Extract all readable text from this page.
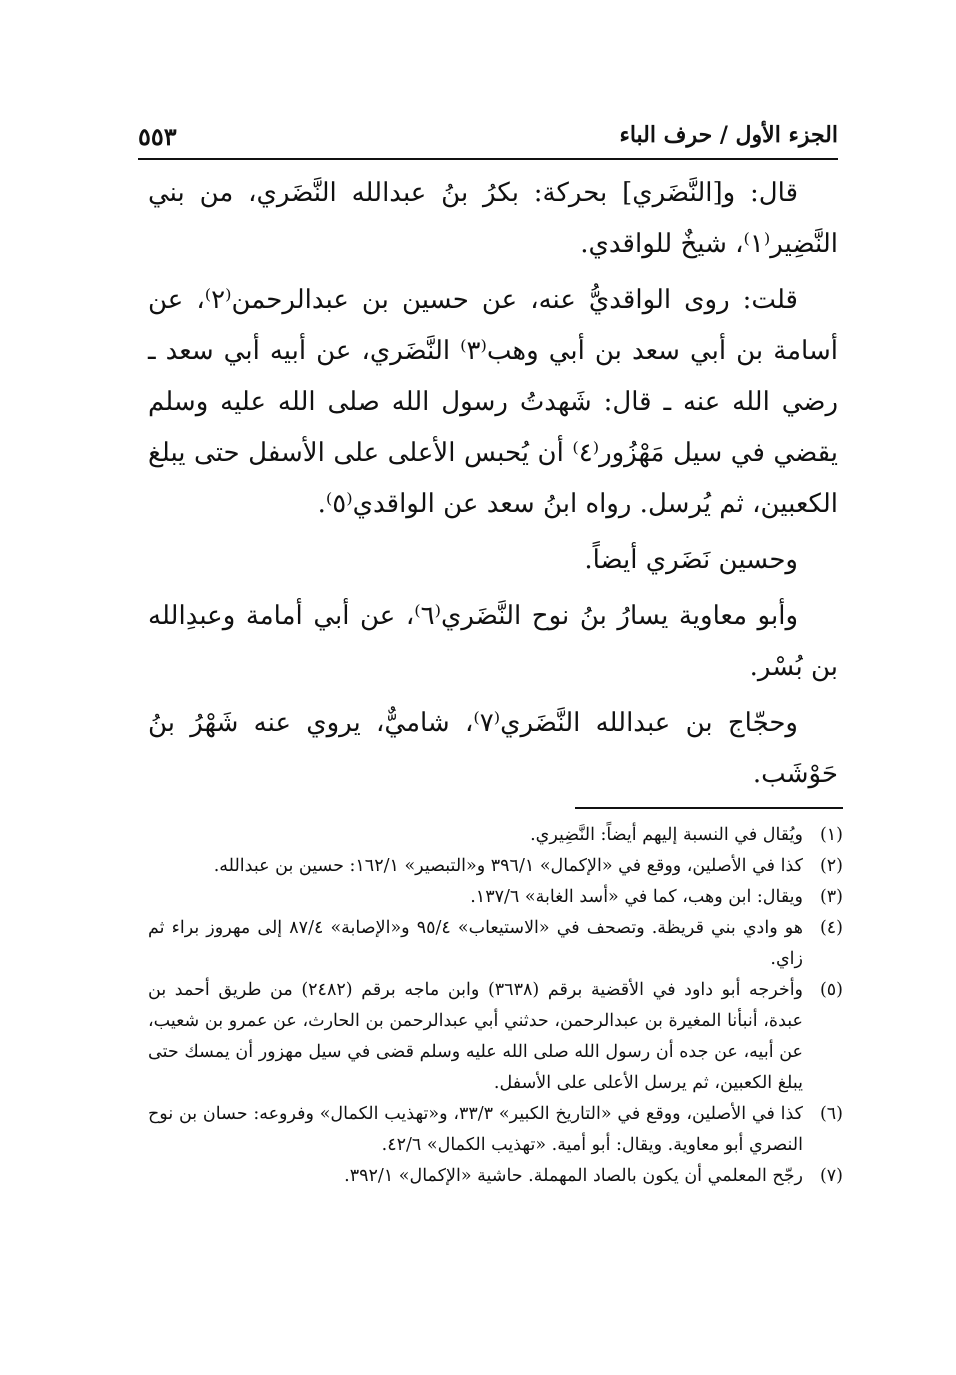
الجزء الأول / حرف الباء
٥٥٣

قال: و[النَّضَري] بحركة: بكرُ بنُ عبدالله النَّضَري، من بني النَّضِير⁽١⁾، شيخٌ للواقدي.

قلت: روى الواقديُّ عنه، عن حسين بن عبدالرحمن⁽٢⁾، عن أسامة بن أبي سعد بن أبي وهب⁽٣⁾ النَّضَري، عن أبيه أبي سعد ـ رضي الله عنه ـ قال: شَهدتُ رسول الله صلى الله عليه وسلم يقضي في سيل مَهْزُور⁽٤⁾ أن يُحبس الأعلى على الأسفل حتى يبلغ الكعبين، ثم يُرسل. رواه ابنُ سعد عن الواقدي⁽٥⁾.

وحسين نَضَري أيضاً.

وأبو معاوية يسارُ بنُ نوح النَّضَري⁽٦⁾، عن أبي أمامة وعبدِالله بن بُسْر.

وحجّاج بن عبدالله النَّضَري⁽٧⁾، شاميٌّ، يروي عنه شَهْرُ بنُ حَوْشَب.

(١)
ويُقال في النسبة إليهم أيضاً: النَّضِيري.
(٢)
كذا في الأصلين، ووقع في «الإكمال» ٣٩٦/١ و«التبصير» ١٦٢/١: حسين بن عبدالله.
(٣)
ويقال: ابن وهب، كما في «أسد الغابة» ١٣٧/٦.
(٤)
هو وادي بني قريظة. وتصحف في «الاستيعاب» ٩٥/٤ و«الإصابة» ٨٧/٤ إلى مهروز براء ثم زاي.
(٥)
وأخرجه أبو داود في الأقضية برقم (٣٦٣٨) وابن ماجه برقم (٢٤٨٢) من طريق أحمد بن عبدة، أنبأنا المغيرة بن عبدالرحمن، حدثني أبي عبدالرحمن بن الحارث، عن عمرو بن شعيب، عن أبيه، عن جده أن رسول الله صلى الله عليه وسلم قضى في سيل مهزور أن يمسك حتى يبلغ الكعبين، ثم يرسل الأعلى على الأسفل.
(٦)
كذا في الأصلين، ووقع في «التاريخ الكبير» ٣٣/٣، و«تهذيب الكمال» وفروعه: حسان بن نوح النصري أبو معاوية. ويقال: أبو أمية. «تهذيب الكمال» ٤٢/٦.
(٧)
رجّح المعلمي أن يكون بالصاد المهملة. حاشية «الإكمال» ٣٩٢/١.
